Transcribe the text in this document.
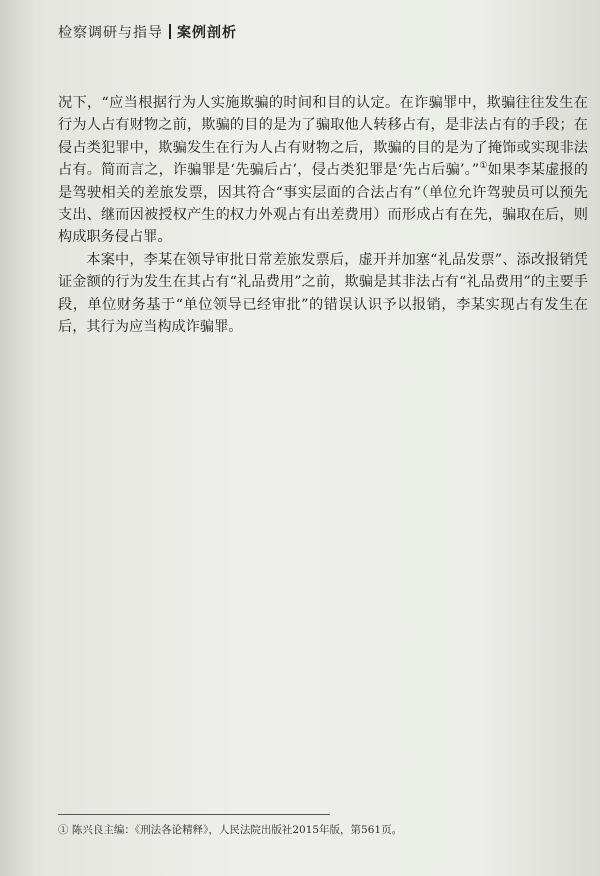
检察调研与指导 案例剖析

况下，“应当根据行为人实施欺骗的时间和目的认定。在诈骗罪中，欺骗往往发生在行为人占有财物之前，欺骗的目的是为了骗取他人转移占有，是非法占有的手段；在侵占类犯罪中，欺骗发生在行为人占有财物之后，欺骗的目的是为了掩饰或实现非法占有。简而言之，诈骗罪是‘先骗后占’，侵占类犯罪是‘先占后骗’。”①如果李某虚报的是驾驶相关的差旅发票，因其符合“事实层面的合法占有”（单位允许驾驶员可以预先支出、继而因被授权产生的权力外观占有出差费用）而形成占有在先，骗取在后，则构成职务侵占罪。

本案中，李某在领导审批日常差旅发票后，虚开并加塞“礼品发票”、添改报销凭证金额的行为发生在其占有“礼品费用”之前，欺骗是其非法占有“礼品费用”的主要手段，单位财务基于“单位领导已经审批”的错误认识予以报销，李某实现占有发生在后，其行为应当构成诈骗罪。

① 陈兴良主编：《刑法各论精释》，人民法院出版社2015年版，第561页。
